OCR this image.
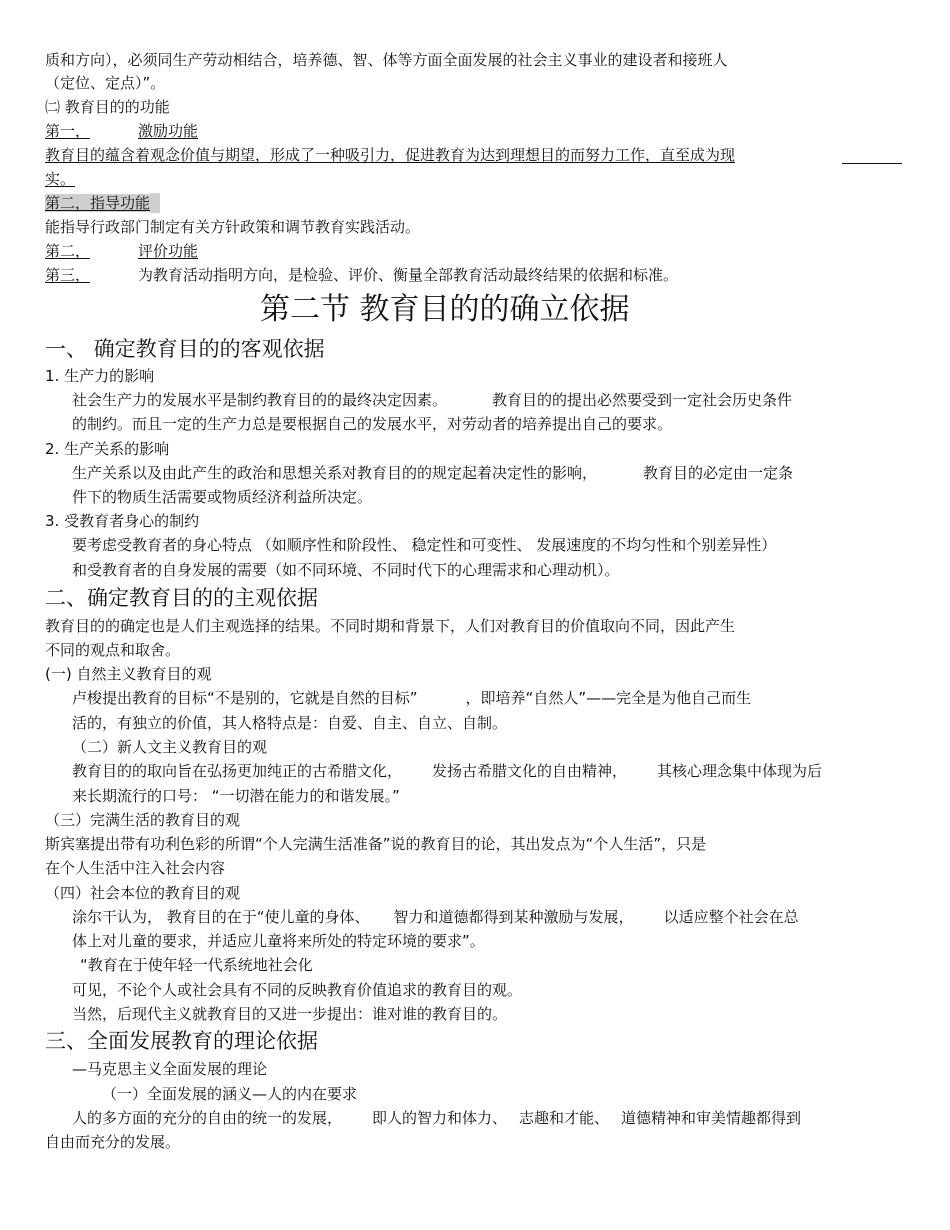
质和方向），必须同生产劳动相结合，培养德、智、体等方面全面发展的社会主义事业的建设者和接班人
（定位、定点）”。
㈡ 教育目的的功能
第一，	激励功能
教育目的蕴含着观念价值与期望，形成了一种吸引力，促进教育为达到理想目的而努力工作，直至成为现
实。
第二，指导功能
能指导行政部门制定有关方针政策和调节教育实践活动。
第二，	评价功能
第三，	为教育活动指明方向，是检验、评价、衡量全部教育活动最终结果的依据和标准。
第二节 教育目的的确立依据
一、 确定教育目的的客观依据
1. 生产力的影响
社会生产力的发展水平是制约教育目的的最终决定因素。	教育目的的提出必然要受到一定社会历史条件
的制约。而且一定的生产力总是要根据自己的发展水平，对劳动者的培养提出自己的要求。
2. 生产关系的影响
生产关系以及由此产生的政治和思想关系对教育目的的规定起着决定性的影响，	教育目的必定由一定条
件下的物质生活需要或物质经济利益所决定。
3. 受教育者身心的制约
要考虑受教育者的身心特点 （如顺序性和阶段性、 稳定性和可变性、 发展速度的不均匀性和个别差异性）
和受教育者的自身发展的需要（如不同环境、不同时代下的心理需求和心理动机）。
二、确定教育目的的主观依据
教育目的的确定也是人们主观选择的结果。不同时期和背景下，人们对教育目的价值取向不同，因此产生
不同的观点和取舍。
(一) 自然主义教育目的观
卢梭提出教育的目标“不是别的，它就是自然的目标”	，即培养“自然人”——完全是为他自己而生
活的，有独立的价值，其人格特点是：自爱、自主、自立、自制。
（二）新人文主义教育目的观
教育目的的取向旨在弘扬更加纯正的古希腊文化， 发扬古希腊文化的自由精神， 其核心理念集中体现为后
来长期流行的口号： “一切潜在能力的和谐发展。”
（三）完满生活的教育目的观
斯宾塞提出带有功利色彩的所谓“个人完满生活准备”说的教育目的论，其出发点为“个人生活”，只是
在个人生活中注入社会内容
（四）社会本位的教育目的观
涂尔干认为， 教育目的在于“使儿童的身体、 智力和道德都得到某种激励与发展， 以适应整个社会在总
体上对儿童的要求，并适应儿童将来所处的特定环境的要求”。
“教育在于使年轻一代系统地社会化
可见，不论个人或社会具有不同的反映教育价值追求的教育目的观。
当然，后现代主义就教育目的又进一步提出：谁对谁的教育目的。
三、全面发展教育的理论依据
—马克思主义全面发展的理论
（一）全面发展的涵义—人的内在要求
人的多方面的充分的自由的统一的发展， 即人的智力和体力、 志趣和才能、 道德精神和审美情趣都得到
自由而充分的发展。
